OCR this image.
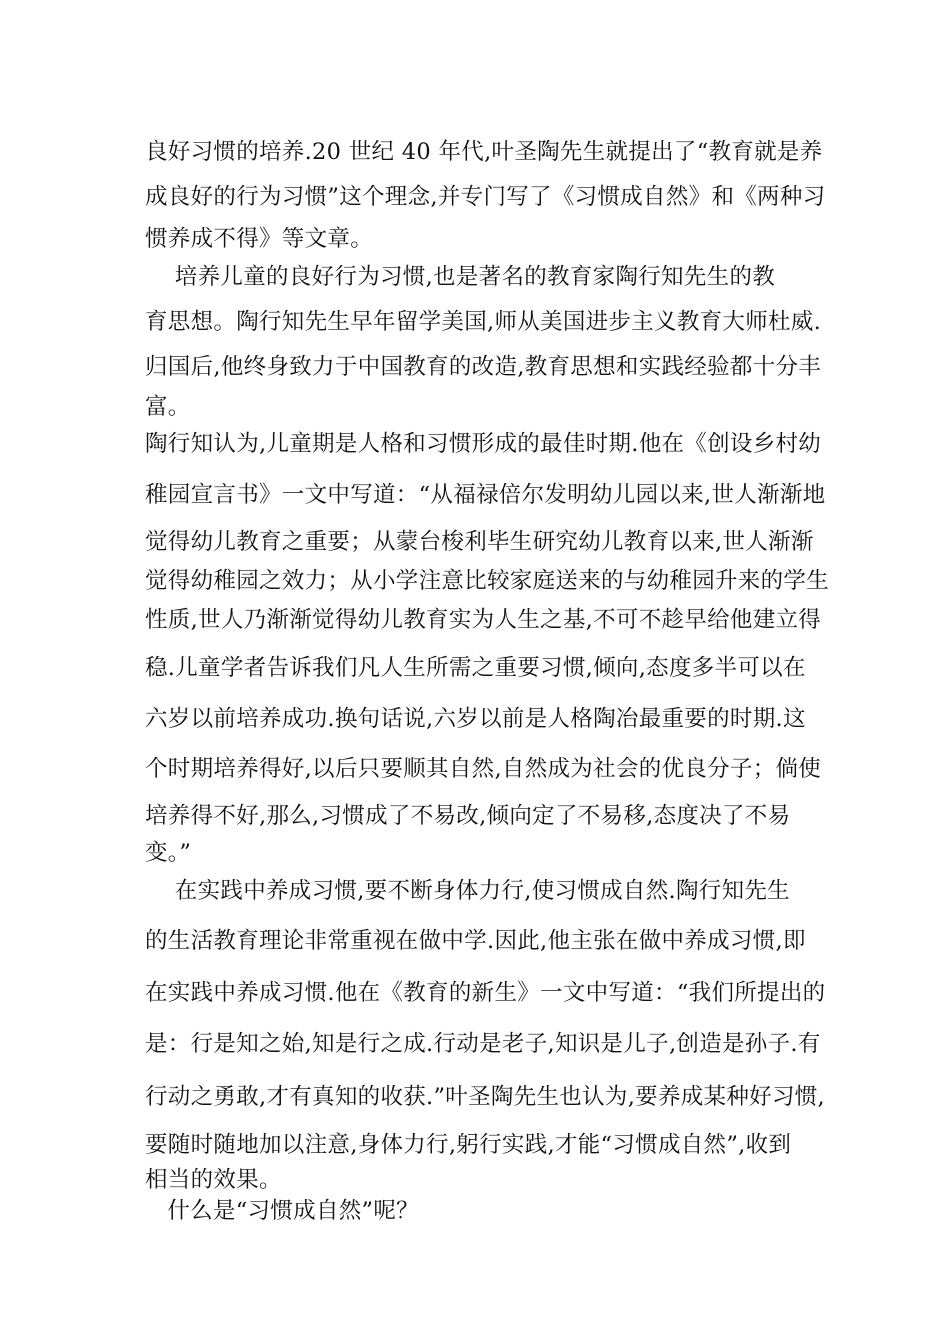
良好习惯的培养.20 世纪 40 年代,叶圣陶先生就提出了“教育就是养
成良好的行为习惯”这个理念,并专门写了《习惯成自然》和《两种习
惯养成不得》等文章。
培养儿童的良好行为习惯,也是著名的教育家陶行知先生的教
育思想。陶行知先生早年留学美国,师从美国进步主义教育大师杜威.
归国后,他终身致力于中国教育的改造,教育思想和实践经验都十分丰
富。
陶行知认为,儿童期是人格和习惯形成的最佳时期.他在《创设乡村幼
稚园宣言书》一文中写道：“从福禄倍尔发明幼儿园以来,世人渐渐地
觉得幼儿教育之重要；从蒙台梭利毕生研究幼儿教育以来,世人渐渐
觉得幼稚园之效力；从小学注意比较家庭送来的与幼稚园升来的学生
性质,世人乃渐渐觉得幼儿教育实为人生之基,不可不趁早给他建立得
稳.儿童学者告诉我们凡人生所需之重要习惯,倾向,态度多半可以在
六岁以前培养成功.换句话说,六岁以前是人格陶冶最重要的时期.这
个时期培养得好,以后只要顺其自然,自然成为社会的优良分子；倘使
培养得不好,那么,习惯成了不易改,倾向定了不易移,态度决了不易
变。”
在实践中养成习惯,要不断身体力行,使习惯成自然.陶行知先生
的生活教育理论非常重视在做中学.因此,他主张在做中养成习惯,即
在实践中养成习惯.他在《教育的新生》一文中写道：“我们所提出的
是：行是知之始,知是行之成.行动是老子,知识是儿子,创造是孙子.有
行动之勇敢,才有真知的收获.”叶圣陶先生也认为,要养成某种好习惯,
要随时随地加以注意,身体力行,躬行实践,才能“习惯成自然”,收到
相当的效果。
什么是“习惯成自然”呢？
